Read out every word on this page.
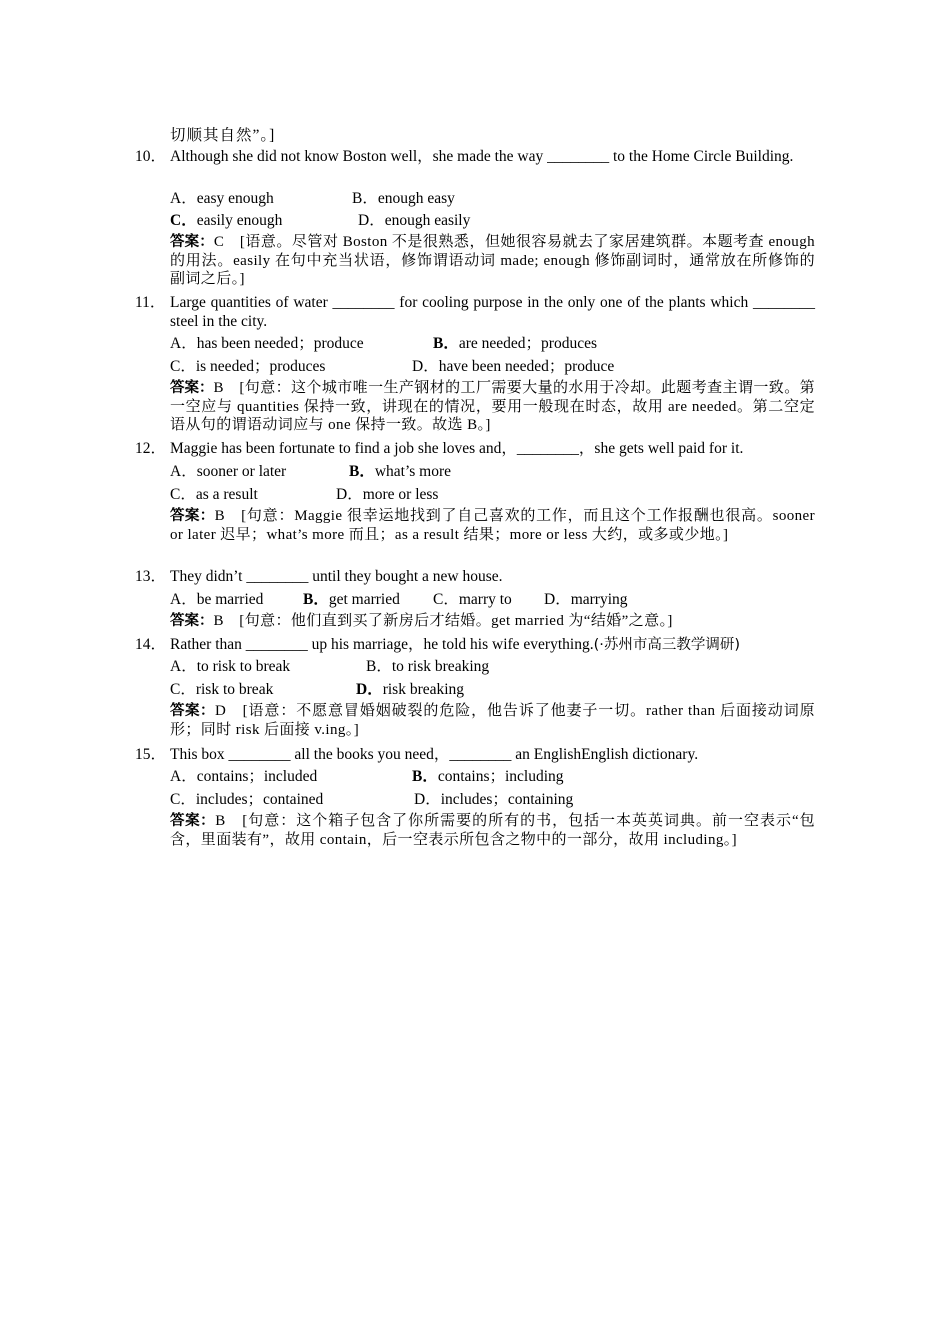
切顺其自然”。]
10． Although she did not know Boston well，she made the way ________ to the Home Circle Building.
A．easy enough	B．enough easy
C．easily enough	D．enough easily
答案：C　[语意。尽管对 Boston 不是很熟悉，但她很容易就去了家居建筑群。本题考查 enough 的用法。easily 在句中充当状语，修饰谓语动词 made; enough 修饰副词时，通常放在所修饰的副词之后。]
11． Large quantities of water ________ for cooling purpose in the only one of the plants which ________ steel in the city.
A．has been needed；produce	B．are needed；produces
C．is needed；produces	D．have been needed；produce
答案：B　[句意：这个城市唯一生产钢材的工厂需要大量的水用于冷却。此题考查主谓一致。第一空应与 quantities 保持一致，讲现在的情况，要用一般现在时态，故用 are needed。第二空定语从句的谓语动词应与 one 保持一致。故选 B。]
12． Maggie has been fortunate to find a job she loves and，________，she gets well paid for it.
A．sooner or later	B．what’s more
C．as a result	D．more or less
答案：B　[句意：Maggie 很幸运地找到了自己喜欢的工作，而且这个工作报酬也很高。sooner or later 迟早；what’s more 而且；as a result 结果；more or less 大约，或多或少地。]
13． They didn’t ________ until they bought a new house.
A．be married	B．get married C．marry to D．marrying
答案：B　[句意：他们直到买了新房后才结婚。get married 为“结婚”之意。]
14． Rather than ________ up his marriage，he told his wife everything.(·苏州市高三教学调研)
A．to risk to break	B．to risk breaking
C．risk to break	D．risk breaking
答案：D　[语意：不愿意冒婚姻破裂的危险，他告诉了他妻子一切。rather than 后面接动词原形；同时 risk 后面接 v.ing。]
15． This box ________ all the books you need，________ an EnglishEnglish dictionary.
A．contains；included	B．contains；including
C．includes；contained	D．includes；containing
答案：B　[句意：这个箱子包含了你所需要的所有的书，包括一本英英词典。前一空表示“包含，里面装有”，故用 contain，后一空表示所包含之物中的一部分，故用 including。]
